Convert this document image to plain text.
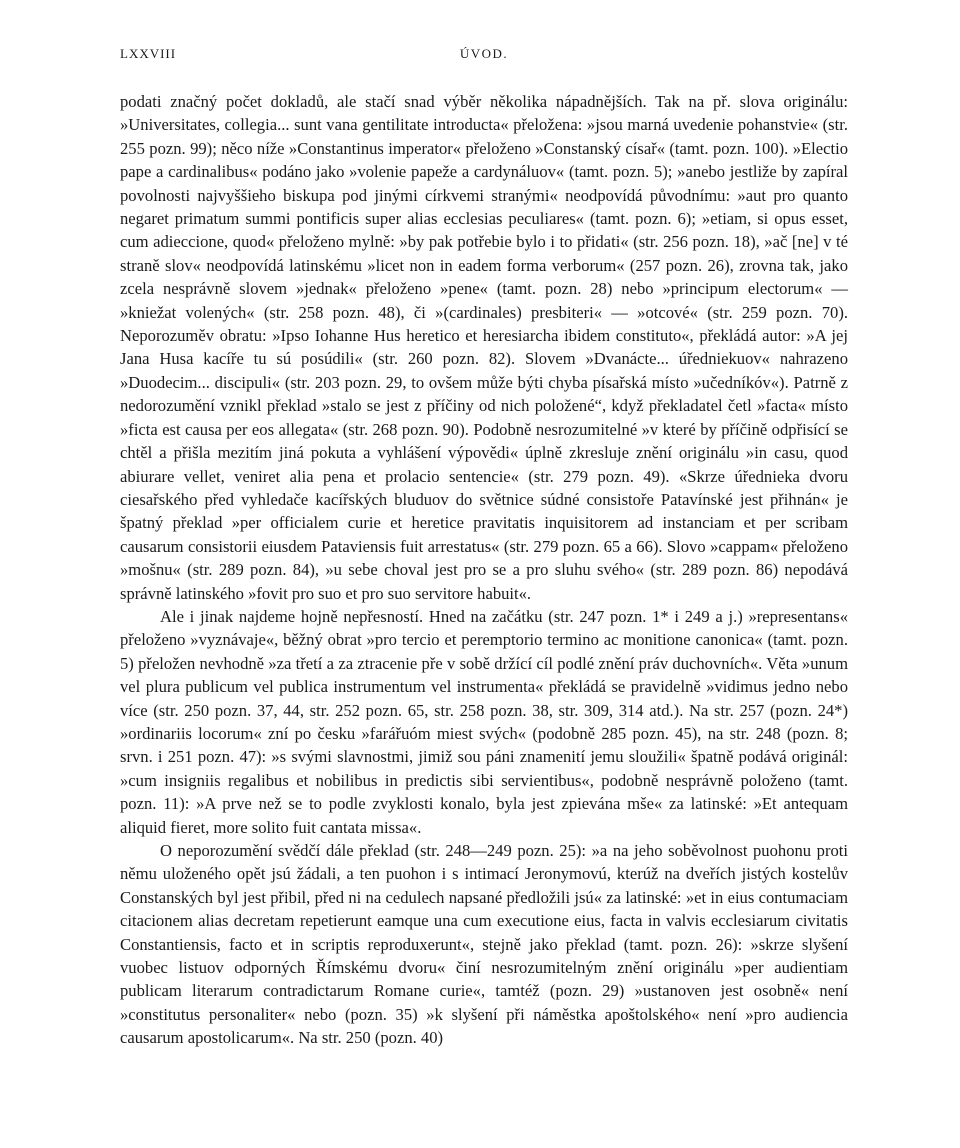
LXXVIII	ÚVOD.

podati značný počet dokladů, ale stačí snad výběr několika nápadnějších. Tak na př. slova originálu: »Universitates, collegia... sunt vana gentilitate introducta« přeložena: »jsou marná uvedenie pohanstvie« (str. 255 pozn. 99); něco níže »Constantinus imperator« přeloženo »Constanský císař« (tamt. pozn. 100). »Electio pape a cardinalibus« podáno jako »volenie papeže a cardynáluov« (tamt. pozn. 5); »anebo jestliže by zapíral povolnosti najvyššieho biskupa pod jinými církvemi stranými« neodpovídá původnímu: »aut pro quanto negaret primatum summi pontificis super alias ecclesias peculiares« (tamt. pozn. 6); »etiam, si opus esset, cum adieccione, quod« přeloženo mylně: »by pak potřebie bylo i to přidati« (str. 256 pozn. 18), »ač [ne] v té straně slov« neodpovídá latinskému »licet non in eadem forma verborum« (257 pozn. 26), zrovna tak, jako zcela nesprávně slovem »jednak« přeloženo »pene« (tamt. pozn. 28) nebo »principum electorum« — »kniežat volených« (str. 258 pozn. 48), či »(cardinales) presbiteri« — »otcové« (str. 259 pozn. 70). Neporozuměv obratu: »Ipso Iohanne Hus heretico et heresiarcha ibidem constituto«, překládá autor: »A jej Jana Husa kacíře tu sú posúdili« (str. 260 pozn. 82). Slovem »Dvanácte... úředniekuov« nahrazeno »Duodecim... discipuli« (str. 203 pozn. 29, to ovšem může býti chyba písařská místo »učedníkóv«). Patrně z nedorozumění vznikl překlad »stalo se jest z příčiny od nich položené“, když překladatel četl »facta« místo »ficta est causa per eos allegata« (str. 268 pozn. 90). Podobně nesrozumitelné »v které by příčině odpřisící se chtěl a přišla mezitím jiná pokuta a vyhlášení výpovědi« úplně zkresluje znění originálu »in casu, quod abiurare vellet, veniret alia pena et prolacio sentencie« (str. 279 pozn. 49). «Skrze úřednieka dvoru ciesařského před vyhledače kacířských bluduov do světnice súdné consistoře Patavínské jest přihnán« je špatný překlad »per officialem curie et heretice pravitatis inquisitorem ad instanciam et per scribam causarum consistorii eiusdem Pataviensis fuit arrestatus« (str. 279 pozn. 65 a 66). Slovo »cappam« přeloženo »mošnu« (str. 289 pozn. 84), »u sebe choval jest pro se a pro sluhu svého« (str. 289 pozn. 86) nepodává správně latinského »fovit pro suo et pro suo servitore habuit«.

Ale i jinak najdeme hojně nepřesností. Hned na začátku (str. 247 pozn. 1* i 249 a j.) »representans« přeloženo »vyznávaje«, běžný obrat »pro tercio et peremptorio termino ac monitione canonica« (tamt. pozn. 5) přeložen nevhodně »za třetí a za ztracenie pře v sobě držící cíl podlé znění práv duchovních«. Věta »unum vel plura publicum vel publica instrumentum vel instrumenta« překládá se pravidelně »vidimus jedno nebo více (str. 250 pozn. 37, 44, str. 252 pozn. 65, str. 258 pozn. 38, str. 309, 314 atd.). Na str. 257 (pozn. 24*) »ordinariis locorum« zní po česku »farářuóm miest svých« (podobně 285 pozn. 45), na str. 248 (pozn. 8; srvn. i 251 pozn. 47): »s svými slavnostmi, jimiž sou páni znamenití jemu sloužili« špatně podává originál: »cum insigniis regalibus et nobilibus in predictis sibi servientibus«, podobně nesprávně položeno (tamt. pozn. 11): »A prve než se to podle zvyklosti konalo, byla jest zpievána mše« za latinské: »Et antequam aliquid fieret, more solito fuit cantata missa«.

O neporozumění svědčí dále překlad (str. 248—249 pozn. 25): »a na jeho soběvolnost puohonu proti němu uloženého opět jsú žádali, a ten puohon i s intimací Jeronymovú, kterúž na dveřích jistých kostelův Constanských byl jest přibil, před ni na cedulech napsané předložili jsú« za latinské: »et in eius contumaciam citacionem alias decretam repetierunt eamque una cum executione eius, facta in valvis ecclesiarum civitatis Constantiensis, facto et in scriptis reproduxerunt«, stejně jako překlad (tamt. pozn. 26): »skrze slyšení vuobec listuov odporných Římskému dvoru« činí nesrozumitelným znění originálu »per audientiam publicam literarum contradictarum Romane curie«, tamtéž (pozn. 29) »ustanoven jest osobně« není »constitutus personaliter« nebo (pozn. 35) »k slyšení při náměstka apoštolského« není »pro audiencia causarum apostolicarum«. Na str. 250 (pozn. 40)
